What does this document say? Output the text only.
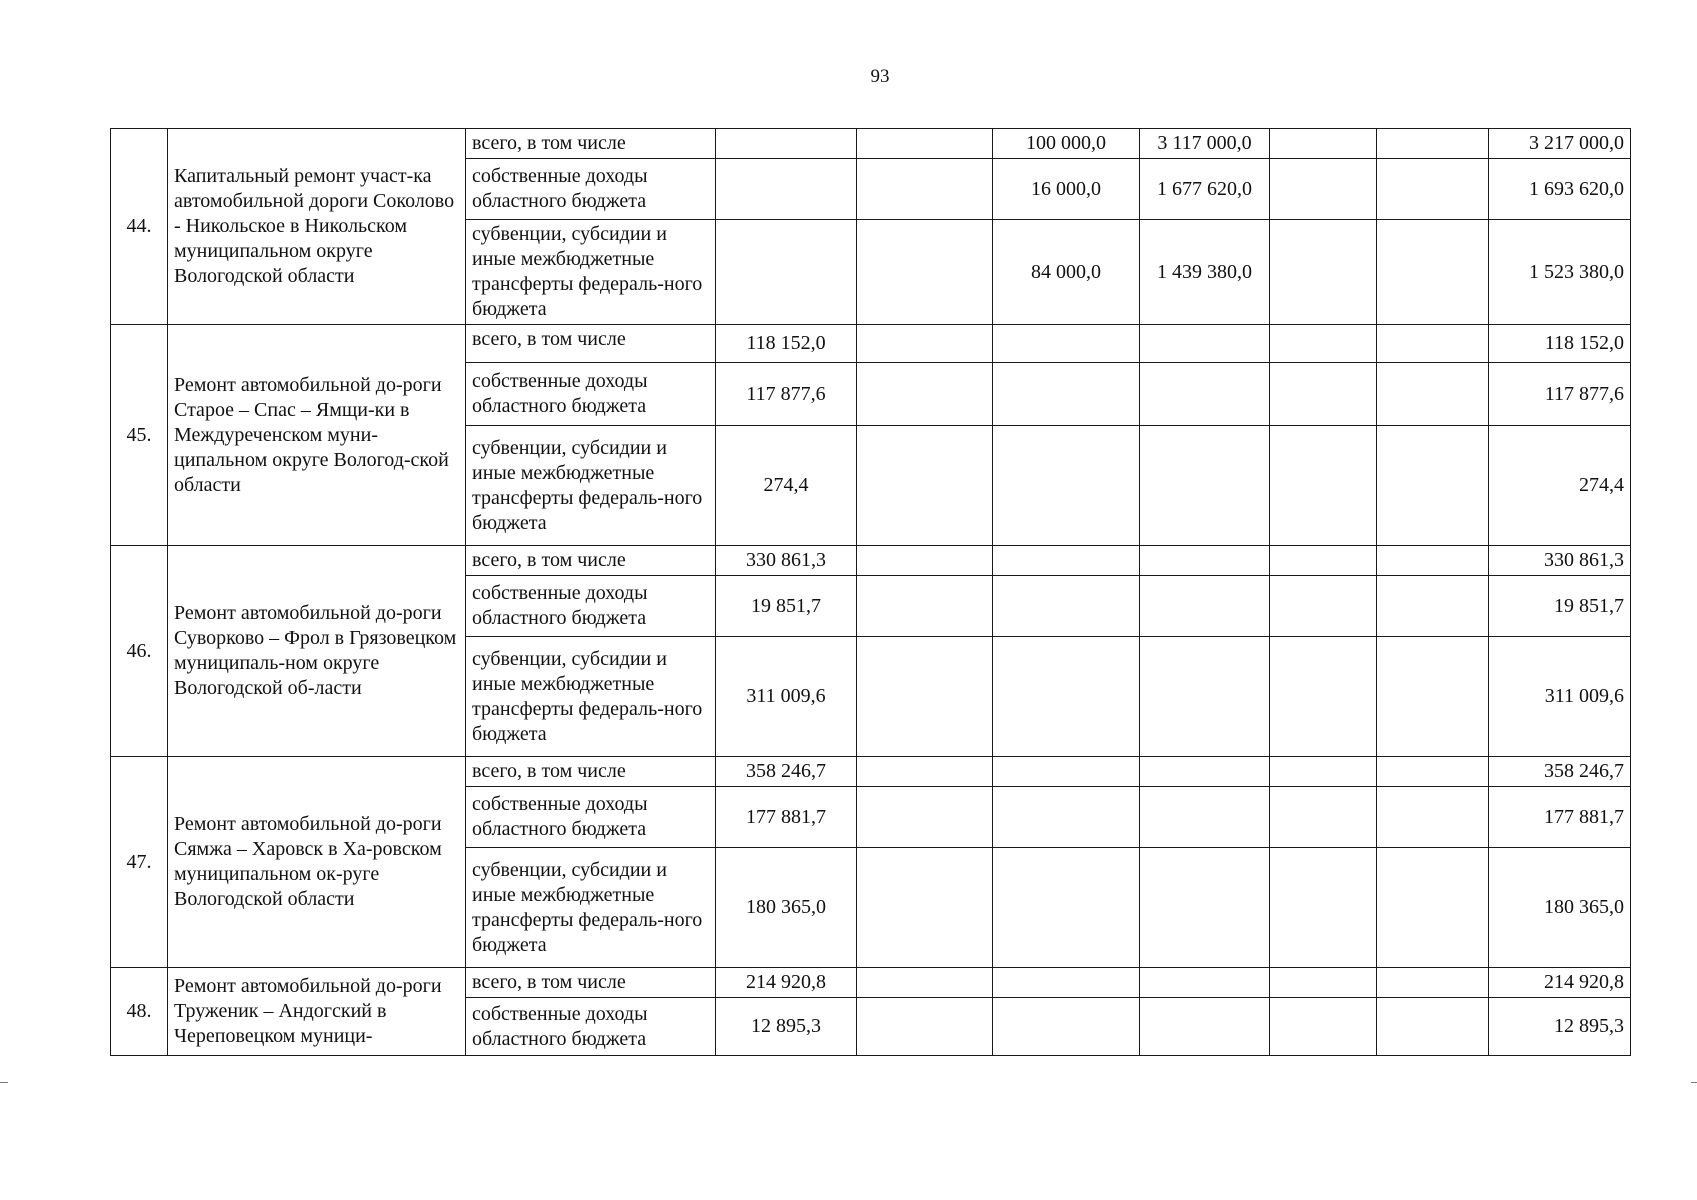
93
44.	Капитальный ремонт участ-ка автомобильной дороги Соколово - Никольское в Никольском муниципальном округе Вологодской области	всего, в том числе			100 000,0	3 117 000,0			3 217 000,0
		собственные доходы областного бюджета			16 000,0	1 677 620,0			1 693 620,0
		субвенции, субсидии и иные межбюджетные трансферты федераль-ного бюджета			84 000,0	1 439 380,0			1 523 380,0
45.	Ремонт автомобильной до-роги Старое – Спас – Ямщи-ки в Междуреченском муни-ципальном округе Вологод-ской области	всего, в том числе	118 152,0						118 152,0
		собственные доходы областного бюджета	117 877,6						117 877,6
		субвенции, субсидии и иные межбюджетные трансферты федераль-ного бюджета	274,4						274,4
46.	Ремонт автомобильной до-роги Суворково – Фрол в Грязовецком муниципаль-ном округе Вологодской об-ласти	всего, в том числе	330 861,3						330 861,3
		собственные доходы областного бюджета	19 851,7						19 851,7
		субвенции, субсидии и иные межбюджетные трансферты федераль-ного бюджета	311 009,6						311 009,6
47.	Ремонт автомобильной до-роги Сямжа – Харовск в Ха-ровском муниципальном ок-руге Вологодской области	всего, в том числе	358 246,7						358 246,7
		собственные доходы областного бюджета	177 881,7						177 881,7
		субвенции, субсидии и иные межбюджетные трансферты федераль-ного бюджета	180 365,0						180 365,0
48.	Ремонт автомобильной до-роги Труженик – Андогский в Череповецком муници-	всего, в том числе	214 920,8						214 920,8
		собственные доходы областного бюджета	12 895,3						12 895,3
